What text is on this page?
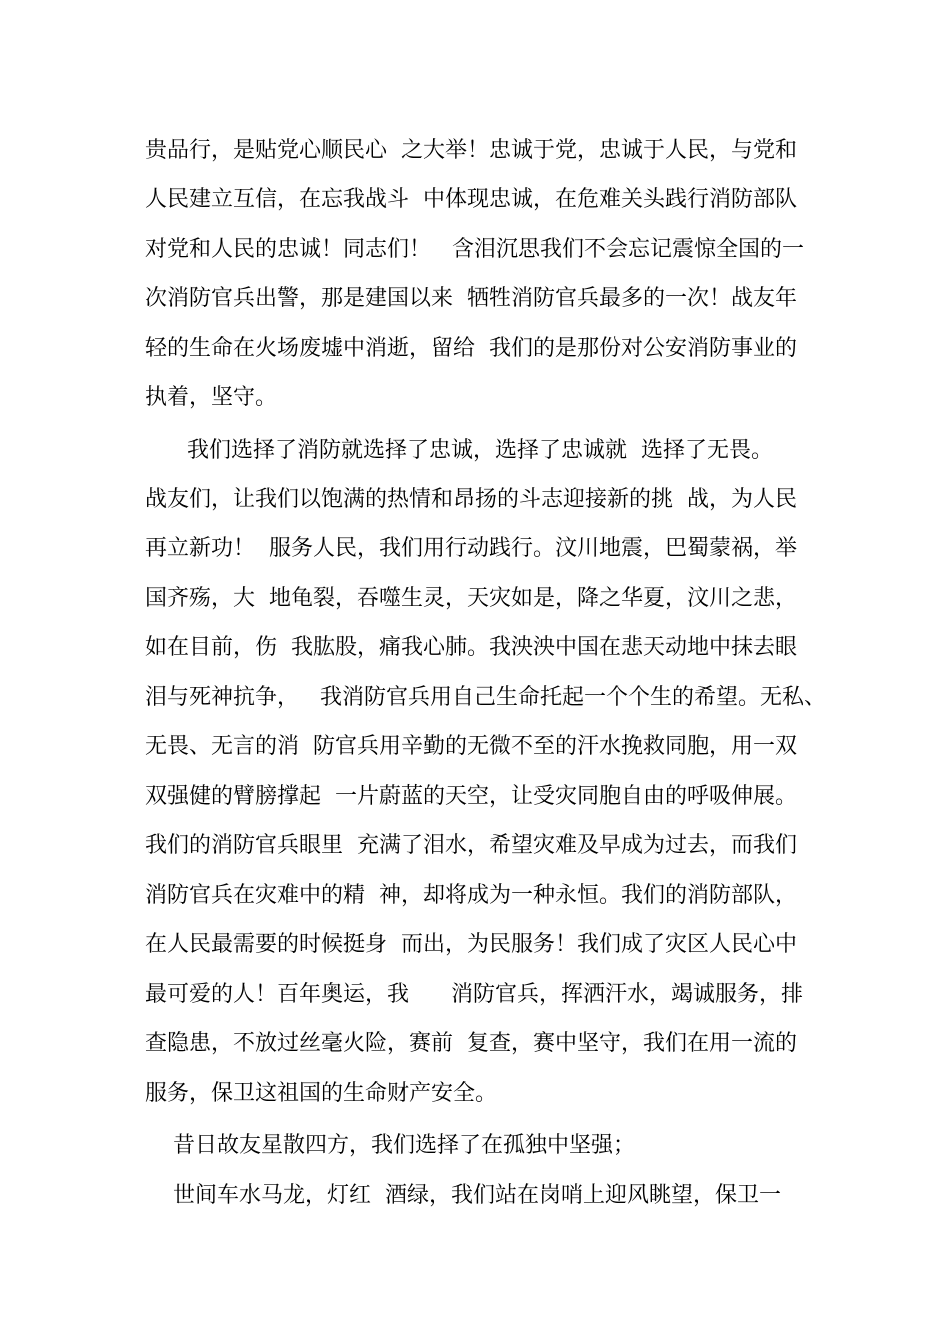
贵品行，是贴党心顺民心  之大举！忠诚于党，忠诚于人民，与党和
人民建立互信，在忘我战斗  中体现忠诚，在危难关头践行消防部队
对党和人民的忠诚！同志们！   含泪沉思我们不会忘记震惊全国的一
次消防官兵出警，那是建国以来  牺牲消防官兵最多的一次！战友年
轻的生命在火场废墟中消逝，留给  我们的是那份对公安消防事业的
执着，坚守。
我们选择了消防就选择了忠诚，选择了忠诚就  选择了无畏。
战友们，让我们以饱满的热情和昂扬的斗志迎接新的挑  战，为人民
再立新功！  服务人民，我们用行动践行。汶川地震，巴蜀蒙祸，举
国齐殇，大  地龟裂，吞噬生灵，天灾如是，降之华夏，汶川之悲，
如在目前，伤  我肱股，痛我心肺。我泱泱中国在悲天动地中抹去眼
泪与死神抗争，   我消防官兵用自己生命托起一个个生的希望。无私、
无畏、无言的消  防官兵用辛勤的无微不至的汗水挽救同胞，用一双
双强健的臂膀撑起  一片蔚蓝的天空，让受灾同胞自由的呼吸伸展。
我们的消防官兵眼里  充满了泪水，希望灾难及早成为过去，而我们
消防官兵在灾难中的精  神，却将成为一种永恒。我们的消防部队，
在人民最需要的时候挺身  而出，为民服务！我们成了灾区人民心中
最可爱的人！百年奥运，我      消防官兵，挥洒汗水，竭诚服务，排
查隐患，不放过丝毫火险，赛前  复查，赛中坚守，我们在用一流的
服务，保卫这祖国的生命财产安全。
昔日故友星散四方，我们选择了在孤独中坚强；
世间车水马龙，灯红  酒绿，我们站在岗哨上迎风眺望，保卫一
